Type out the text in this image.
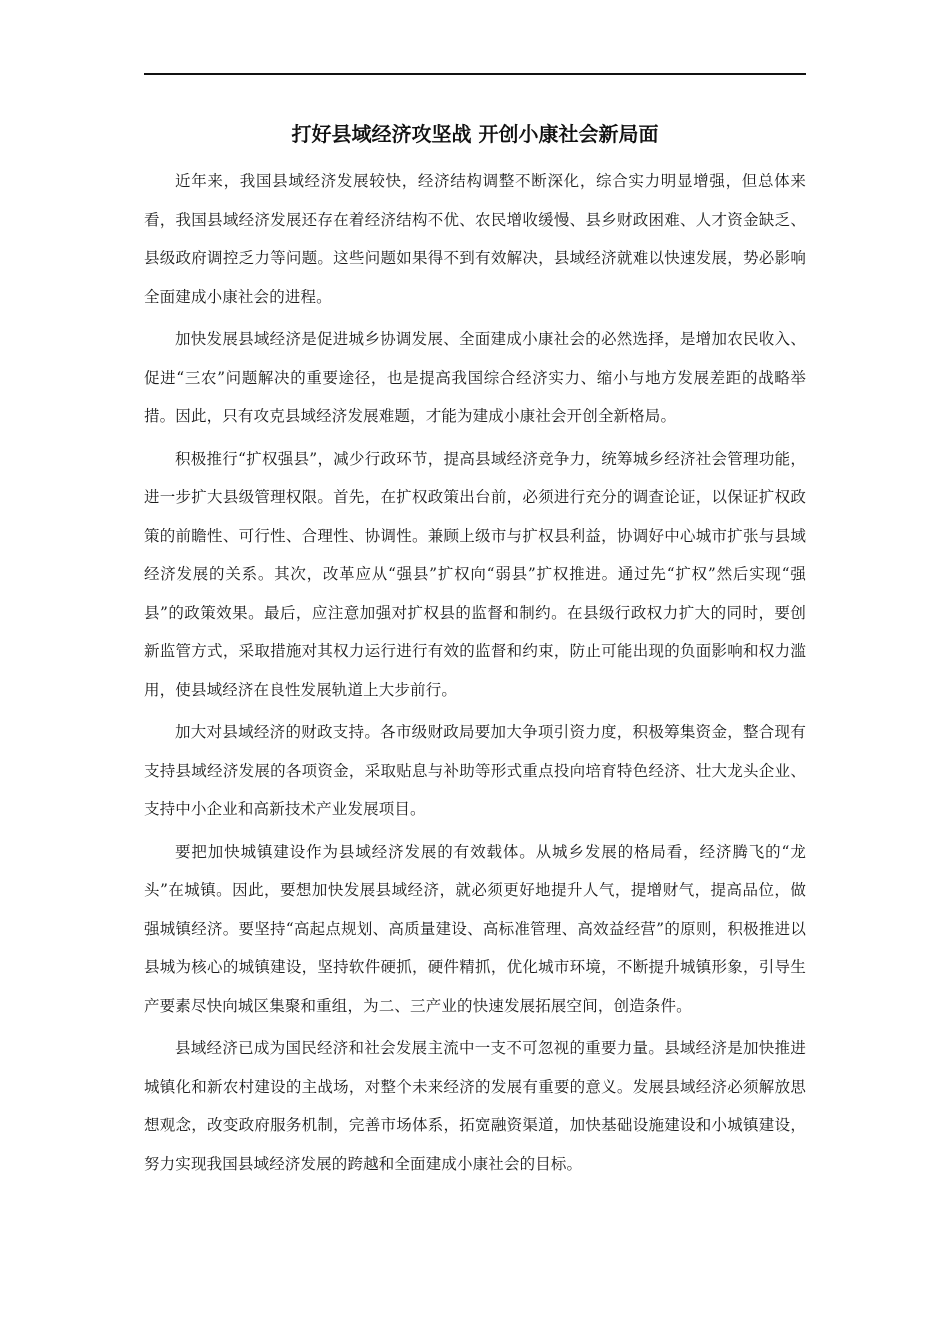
打好县域经济攻坚战 开创小康社会新局面

近年来，我国县域经济发展较快，经济结构调整不断深化，综合实力明显增强，但总体来看，我国县域经济发展还存在着经济结构不优、农民增收缓慢、县乡财政困难、人才资金缺乏、县级政府调控乏力等问题。这些问题如果得不到有效解决，县域经济就难以快速发展，势必影响全面建成小康社会的进程。

加快发展县域经济是促进城乡协调发展、全面建成小康社会的必然选择，是增加农民收入、促进“三农”问题解决的重要途径，也是提高我国综合经济实力、缩小与地方发展差距的战略举措。因此，只有攻克县域经济发展难题，才能为建成小康社会开创全新格局。

积极推行“扩权强县”，减少行政环节，提高县域经济竞争力，统筹城乡经济社会管理功能，进一步扩大县级管理权限。首先，在扩权政策出台前，必须进行充分的调查论证，以保证扩权政策的前瞻性、可行性、合理性、协调性。兼顾上级市与扩权县利益，协调好中心城市扩张与县域经济发展的关系。其次，改革应从“强县”扩权向“弱县”扩权推进。通过先“扩权”然后实现“强县”的政策效果。最后，应注意加强对扩权县的监督和制约。在县级行政权力扩大的同时，要创新监管方式，采取措施对其权力运行进行有效的监督和约束，防止可能出现的负面影响和权力滥用，使县域经济在良性发展轨道上大步前行。

加大对县域经济的财政支持。各市级财政局要加大争项引资力度，积极筹集资金，整合现有支持县域经济发展的各项资金，采取贴息与补助等形式重点投向培育特色经济、壮大龙头企业、支持中小企业和高新技术产业发展项目。

要把加快城镇建设作为县域经济发展的有效载体。从城乡发展的格局看，经济腾飞的“龙头”在城镇。因此，要想加快发展县域经济，就必须更好地提升人气，提增财气，提高品位，做强城镇经济。要坚持“高起点规划、高质量建设、高标准管理、高效益经营”的原则，积极推进以县城为核心的城镇建设，坚持软件硬抓，硬件精抓，优化城市环境，不断提升城镇形象，引导生产要素尽快向城区集聚和重组，为二、三产业的快速发展拓展空间，创造条件。

县域经济已成为国民经济和社会发展主流中一支不可忽视的重要力量。县域经济是加快推进城镇化和新农村建设的主战场，对整个未来经济的发展有重要的意义。发展县域经济必须解放思想观念，改变政府服务机制，完善市场体系，拓宽融资渠道，加快基础设施建设和小城镇建设，努力实现我国县域经济发展的跨越和全面建成小康社会的目标。
